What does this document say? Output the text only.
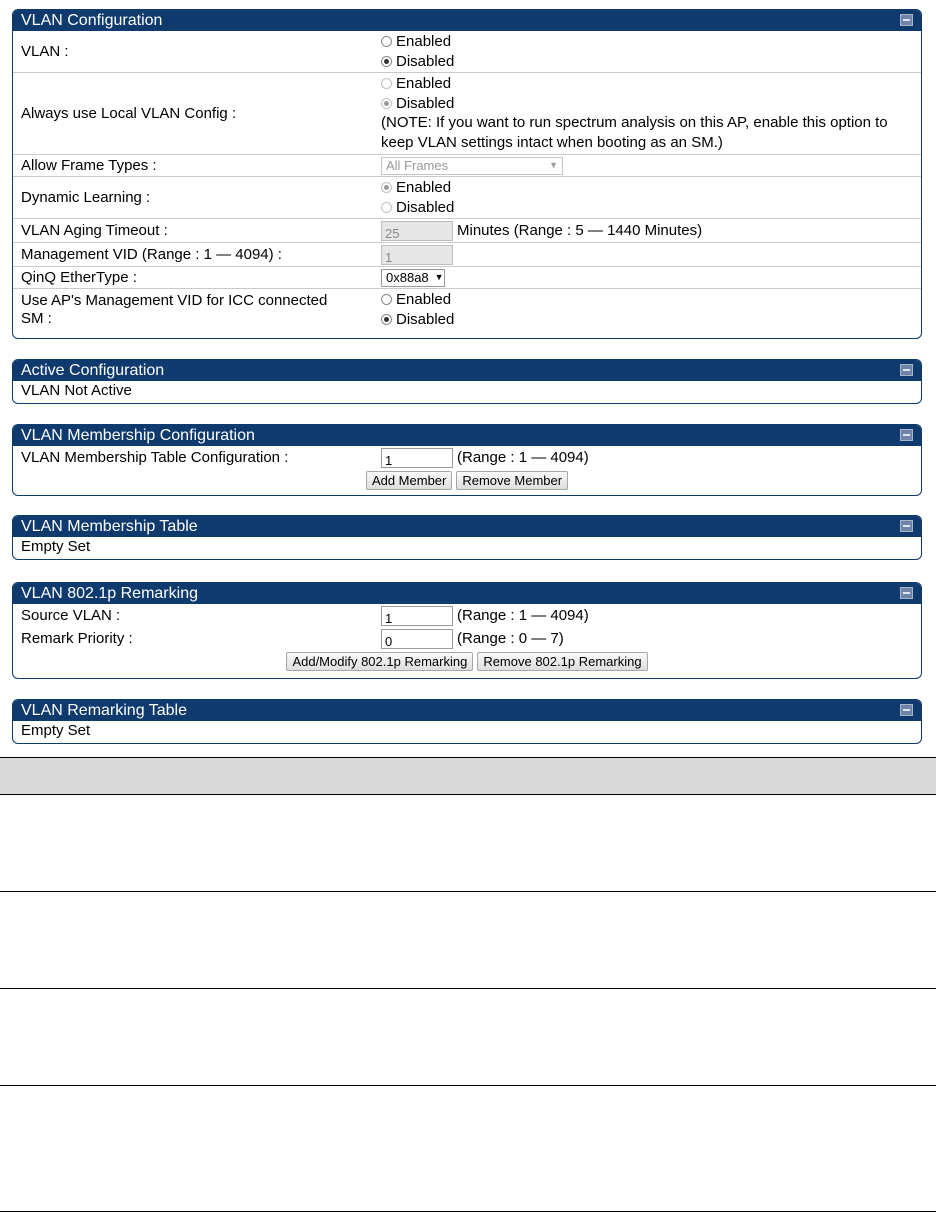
VLAN Configuration
VLAN :
Enabled
Disabled
Always use Local VLAN Config :
Enabled
Disabled
(NOTE: If you want to run spectrum analysis on this AP, enable this option to keep VLAN settings intact when booting as an SM.)
Allow Frame Types :	All Frames	▼
Dynamic Learning :
Enabled
Disabled
VLAN Aging Timeout :	25	Minutes (Range : 5 — 1440 Minutes)
Management VID (Range : 1 — 4094) :	1
QinQ EtherType :	0x88a8 ▼
Use AP's Management VID for ICC connected SM :
Enabled
Disabled
Active Configuration
VLAN Not Active
VLAN Membership Configuration
VLAN Membership Table Configuration :	1	(Range : 1 — 4094)
Add Member	Remove Member
VLAN Membership Table
Empty Set
VLAN 802.1p Remarking
Source VLAN :	1	(Range : 1 — 4094)
Remark Priority :	0	(Range : 0 — 7)
Add/Modify 802.1p Remarking	Remove 802.1p Remarking
VLAN Remarking Table
Empty Set
